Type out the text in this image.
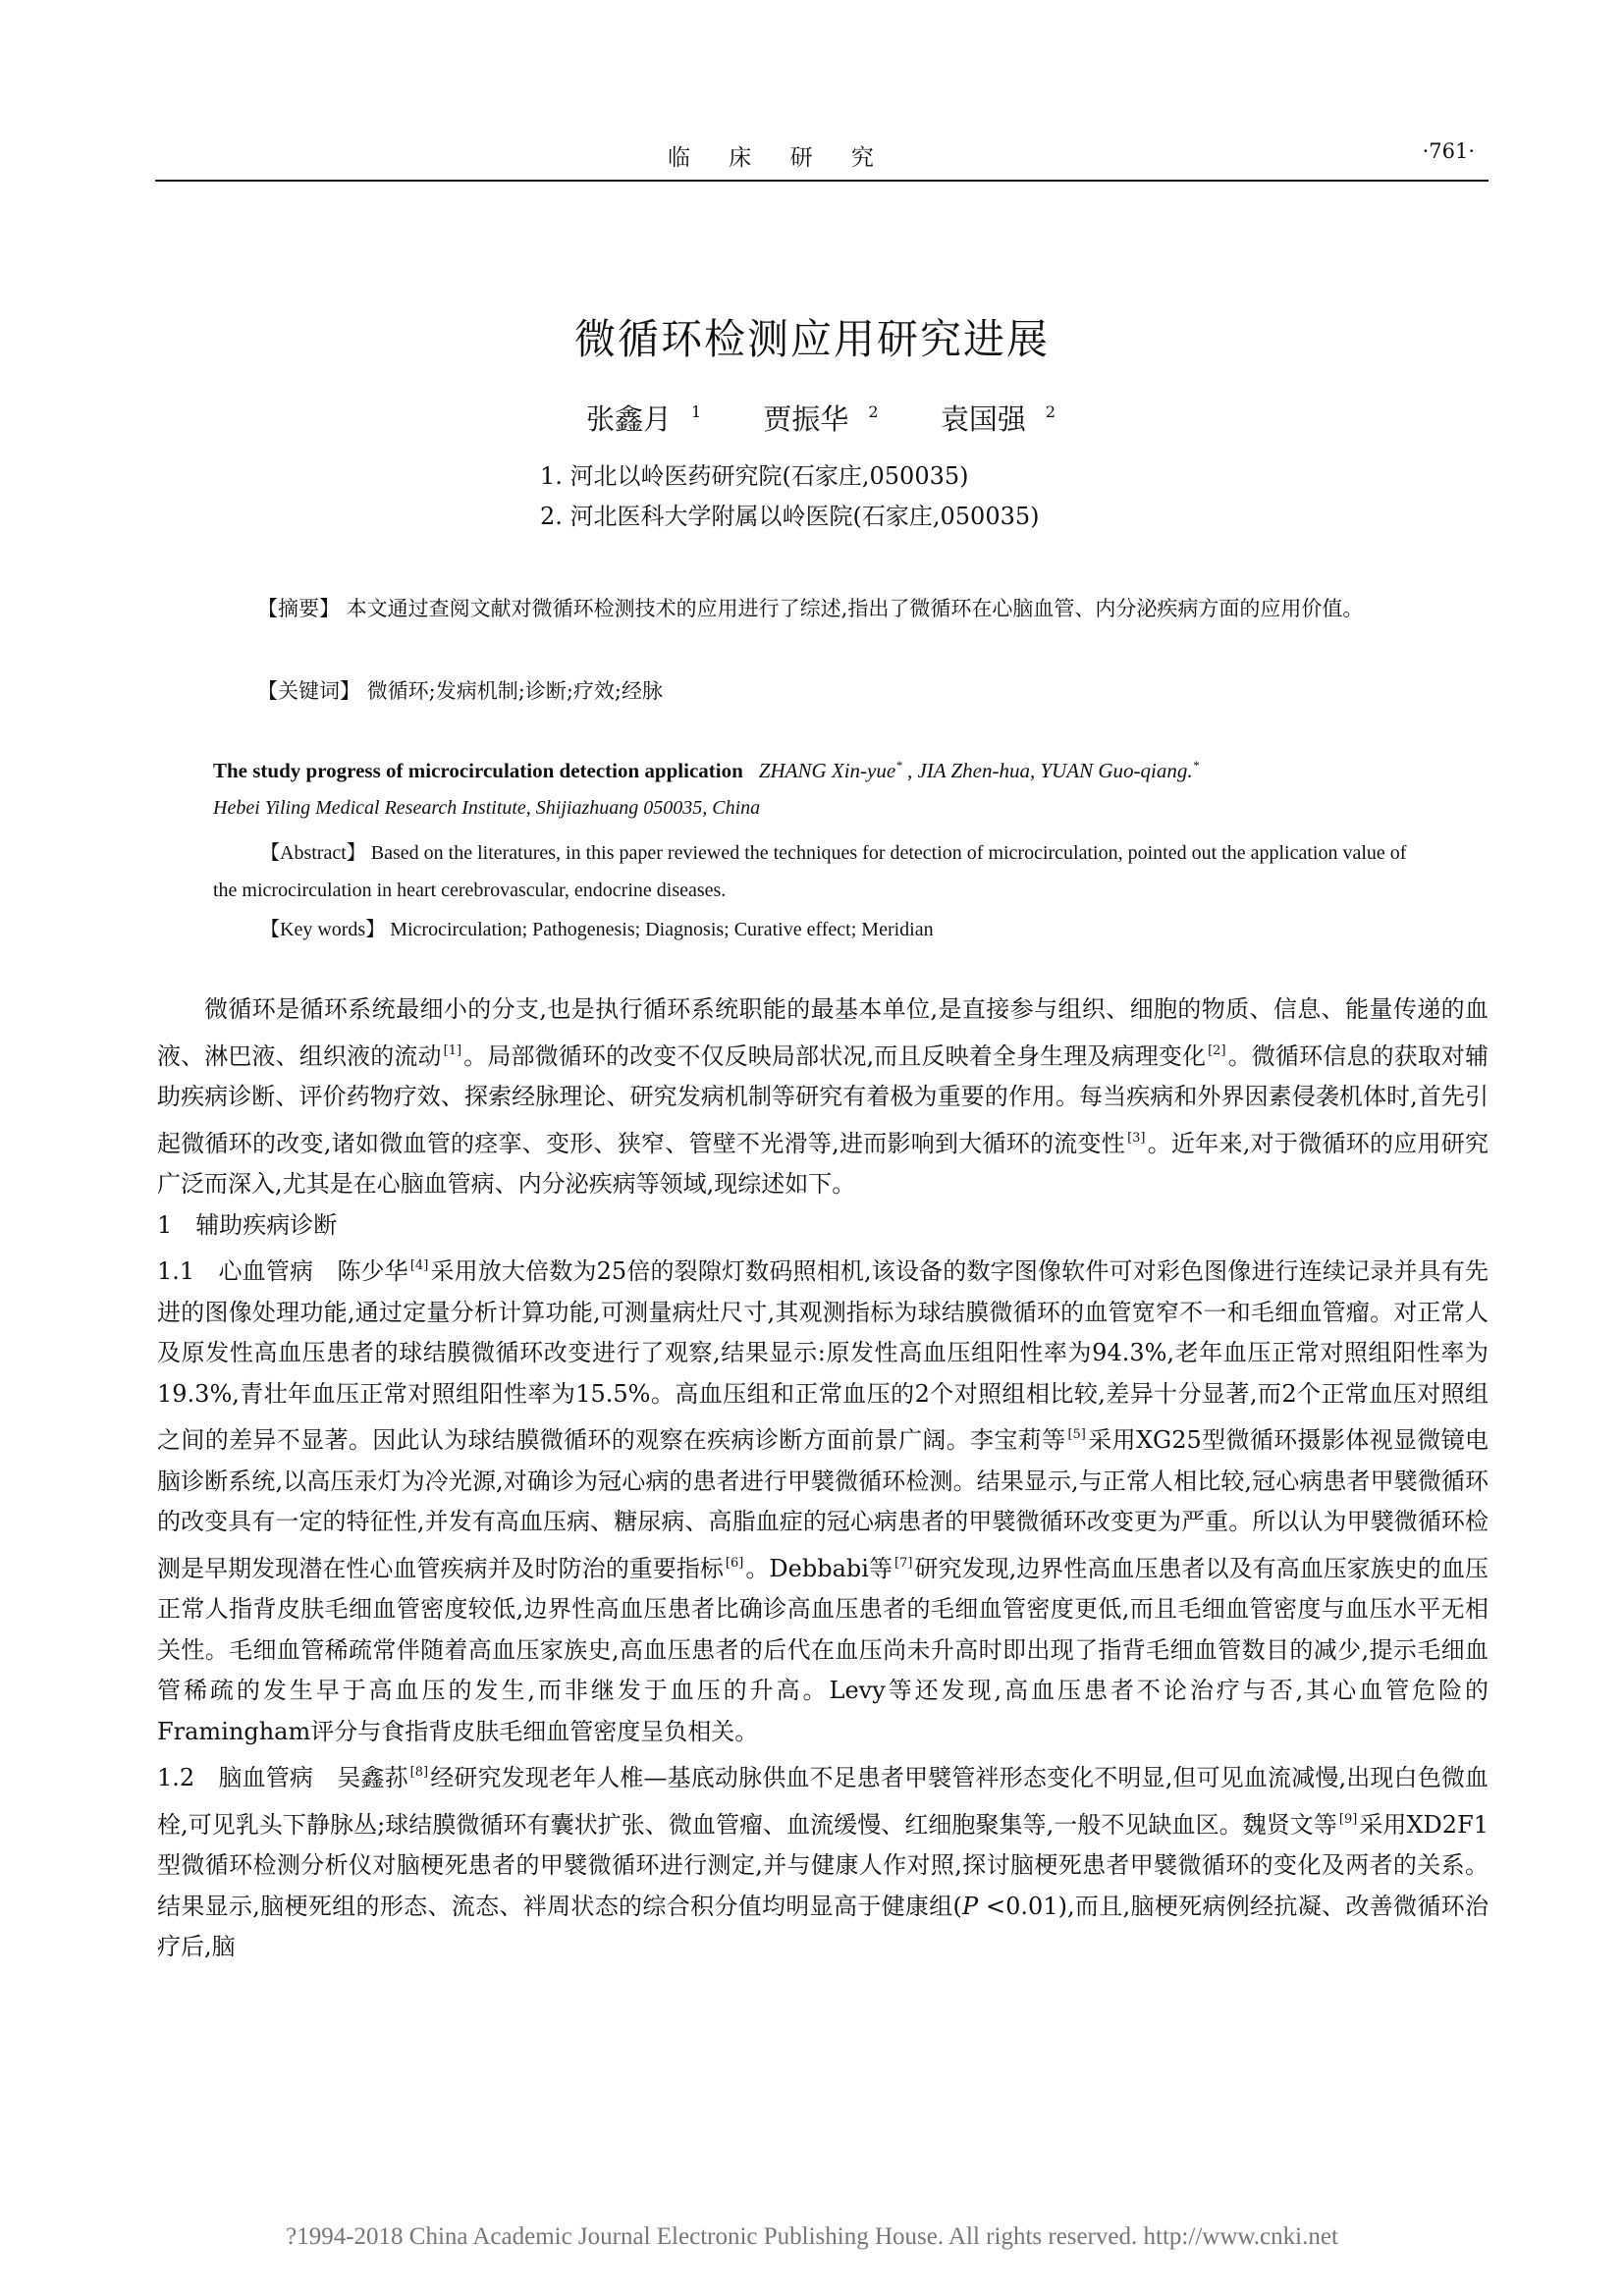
临 床 研 究	·761·
微循环检测应用研究进展
张鑫月 $^1$ 贾振华 $^2$ 袁国强 $^2$
1. 河北以岭医药研究院(石家庄,050035)
2. 河北医科大学附属以岭医院(石家庄,050035)
【摘要】 本文通过查阅文献对微循环检测技术的应用进行了综述,指出了微循环在心脑血管、内分泌疾病方面的应用价值。
【关键词】 微循环;发病机制;诊断;疗效;经脉
The study progress of microcirculation detection application ZHANG Xin-yue* , JIA Zhen-hua, YUAN Guo-qiang.*
Hebei Yiling Medical Research Institute, Shijiazhuang 050035, China
【Abstract】 Based on the literatures, in this paper reviewed the techniques for detection of microcirculation, pointed out the application value of the microcirculation in heart cerebrovascular, endocrine diseases.
【Key words】 Microcirculation; Pathogenesis; Diagnosis; Curative effect; Meridian

微循环是循环系统最细小的分支,也是执行循环系统职能的最基本单位,是直接参与组织、细胞的物质、信息、能量传递的血液、淋巴液、组织液的流动 [1]。局部微循环的改变不仅反映局部状况,而且反映着全身生理及病理变化 [2]。微循环信息的获取对辅助疾病诊断、评价药物疗效、探索经脉理论、研究发病机制等研究有着极为重要的作用。每当疾病和外界因素侵袭机体时,首先引起微循环的改变,诸如微血管的痉挛、变形、狭窄、管壁不光滑等,进而影响到大循环的流变性 [3]。近年来,对于微循环的应用研究广泛而深入,尤其是在心脑血管病、内分泌疾病等领域,现综述如下。

1　辅助疾病诊断

1.1　心血管病　陈少华 [4]采用放大倍数为25倍的裂隙灯数码照相机,该设备的数字图像软件可对彩色图像进行连续记录并具有先进的图像处理功能,通过定量分析计算功能,可测量病灶尺寸,其观测指标为球结膜微循环的血管宽窄不一和毛细血管瘤。对正常人及原发性高血压患者的球结膜微循环改变进行了观察,结果显示:原发性高血压组阳性率为94.3%,老年血压正常对照组阳性率为19.3%,青壮年血压正常对照组阳性率为15.5%。高血压组和正常血压的2个对照组相比较,差异十分显著,而2个正常血压对照组之间的差异不显著。因此认为球结膜微循环的观察在疾病诊断方面前景广阔。李宝莉等 [5]采用XG25型微循环摄影体视显微镜电脑诊断系统,以高压汞灯为冷光源,对确诊为冠心病的患者进行甲襞微循环检测。结果显示,与正常人相比较,冠心病患者甲襞微循环的改变具有一定的特征性,并发有高血压病、糖尿病、高脂血症的冠心病患者的甲襞微循环改变更为严重。所以认为甲襞微循环检测是早期发现潜在性心血管疾病并及时防治的重要指标 [6]。Debbabi等 [7]研究发现,边界性高血压患者以及有高血压家族史的血压正常人指背皮肤毛细血管密度较低,边界性高血压患者比确诊高血压患者的毛细血管密度更低,而且毛细血管密度与血压水平无相关性。毛细血管稀疏常伴随着高血压家族史,高血压患者的后代在血压尚未升高时即出现了指背毛细血管数目的减少,提示毛细血管稀疏的发生早于高血压的发生,而非继发于血压的升高。Levy等还发现,高血压患者不论治疗与否,其心血管危险的Framingham评分与食指背皮肤毛细血管密度呈负相关。

1.2　脑血管病　吴鑫荪 [8]经研究发现老年人椎—基底动脉供血不足患者甲襞管袢形态变化不明显,但可见血流减慢,出现白色微血栓,可见乳头下静脉丛;球结膜微循环有囊状扩张、微血管瘤、血流缓慢、红细胞聚集等,一般不见缺血区。魏贤文等 [9]采用XD2F1型微循环检测分析仪对脑梗死患者的甲襞微循环进行测定,并与健康人作对照,探讨脑梗死患者甲襞微循环的变化及两者的关系。结果显示,脑梗死组的形态、流态、袢周状态的综合积分值均明显高于健康组(P <0.01),而且,脑梗死病例经抗凝、改善微循环治疗后,脑

?1994-2018 China Academic Journal Electronic Publishing House. All rights reserved. http://www.cnki.net
